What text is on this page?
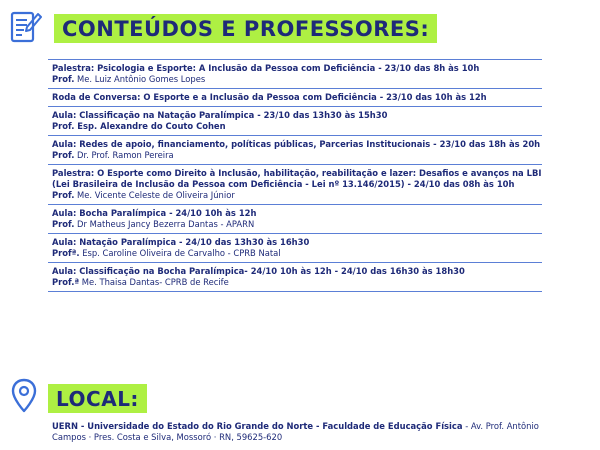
CONTEÚDOS E PROFESSORES:
Palestra: Psicologia e Esporte: A Inclusão da Pessoa com Deficiência - 23/10 das 8h às 10h
Prof. Me. Luiz Antônio Gomes Lopes
Roda de Conversa: O Esporte e a Inclusão da Pessoa com Deficiência - 23/10 das 10h às 12h
Aula: Classificação na Natação Paralímpica - 23/10 das 13h30 às 15h30
Prof. Esp. Alexandre do Couto Cohen
Aula: Redes de apoio, financiamento, políticas públicas, Parcerias Institucionais - 23/10 das 18h às 20h
Prof. Dr. Prof. Ramon Pereira
Palestra: O Esporte como Direito à Inclusão, habilitação, reabilitação e lazer: Desafios e avanços na LBI (Lei Brasileira de Inclusão da Pessoa com Deficiência - Lei nº 13.146/2015) - 24/10 das 08h às 10h
Prof. Me. Vicente Celeste de Oliveira Júnior
Aula: Bocha Paralímpica - 24/10 10h às 12h
Prof. Dr Matheus Jancy Bezerra Dantas - APARN
Aula: Natação Paralímpica - 24/10 das 13h30 às 16h30
Profª. Esp. Caroline Oliveira de Carvalho - CPRB Natal
Aula: Classificação na Bocha Paralímpica- 24/10 10h às 12h - 24/10 das 16h30 às 18h30
Prof.ª Me. Thaisa Dantas- CPRB de Recife
LOCAL:
UERN - Universidade do Estado do Rio Grande do Norte - Faculdade de Educação Física - Av. Prof. Antônio Campos · Pres. Costa e Silva, Mossoró · RN, 59625-620
